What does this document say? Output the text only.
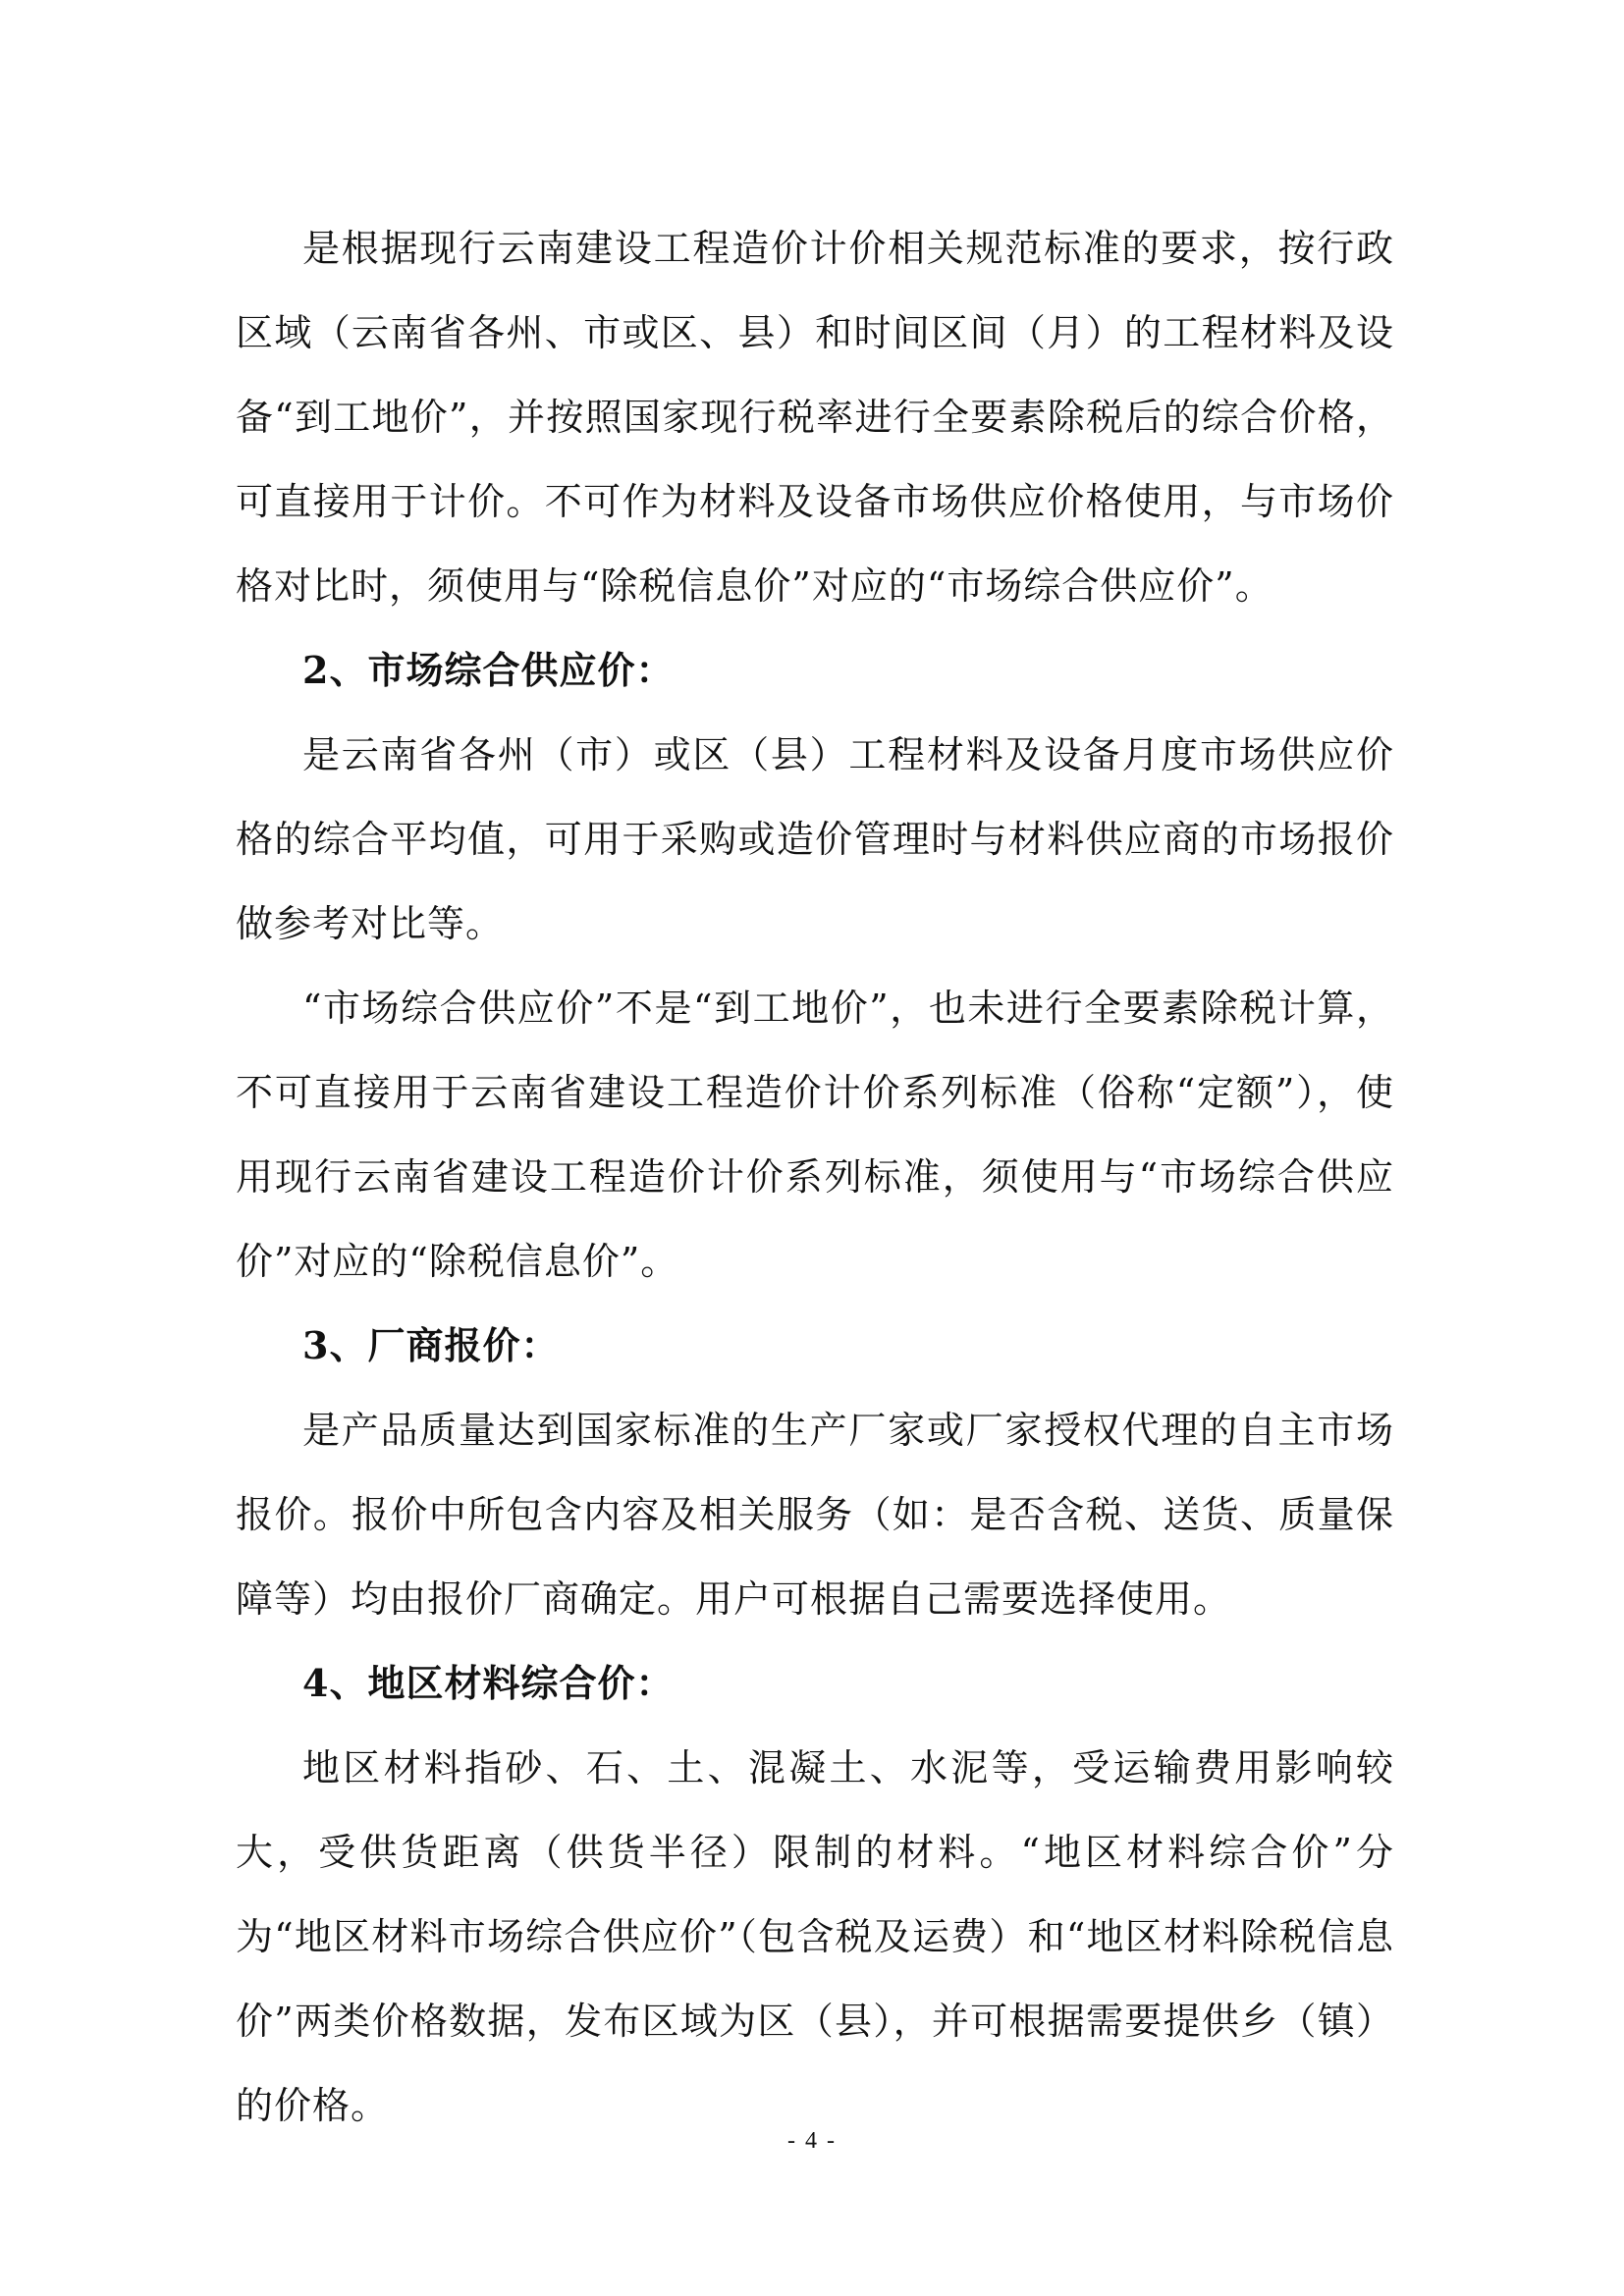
是根据现行云南建设工程造价计价相关规范标准的要求，按行政区域（云南省各州、市或区、县）和时间区间（月）的工程材料及设备“到工地价”，并按照国家现行税率进行全要素除税后的综合价格，可直接用于计价。不可作为材料及设备市场供应价格使用，与市场价格对比时，须使用与“除税信息价”对应的“市场综合供应价”。

2、市场综合供应价：

是云南省各州（市）或区（县）工程材料及设备月度市场供应价格的综合平均值，可用于采购或造价管理时与材料供应商的市场报价做参考对比等。

“市场综合供应价”不是“到工地价”，也未进行全要素除税计算，不可直接用于云南省建设工程造价计价系列标准（俗称“定额”），使用现行云南省建设工程造价计价系列标准，须使用与“市场综合供应价”对应的“除税信息价”。

3、厂商报价：

是产品质量达到国家标准的生产厂家或厂家授权代理的自主市场报价。报价中所包含内容及相关服务（如：是否含税、送货、质量保障等）均由报价厂商确定。用户可根据自己需要选择使用。

4、地区材料综合价：

地区材料指砂、石、土、混凝土、水泥等，受运输费用影响较大，受供货距离（供货半径）限制的材料。“地区材料综合价”分为“地区材料市场综合供应价”（包含税及运费）和“地区材料除税信息价”两类价格数据，发布区域为区（县），并可根据需要提供乡（镇）的价格。

- 4 -
